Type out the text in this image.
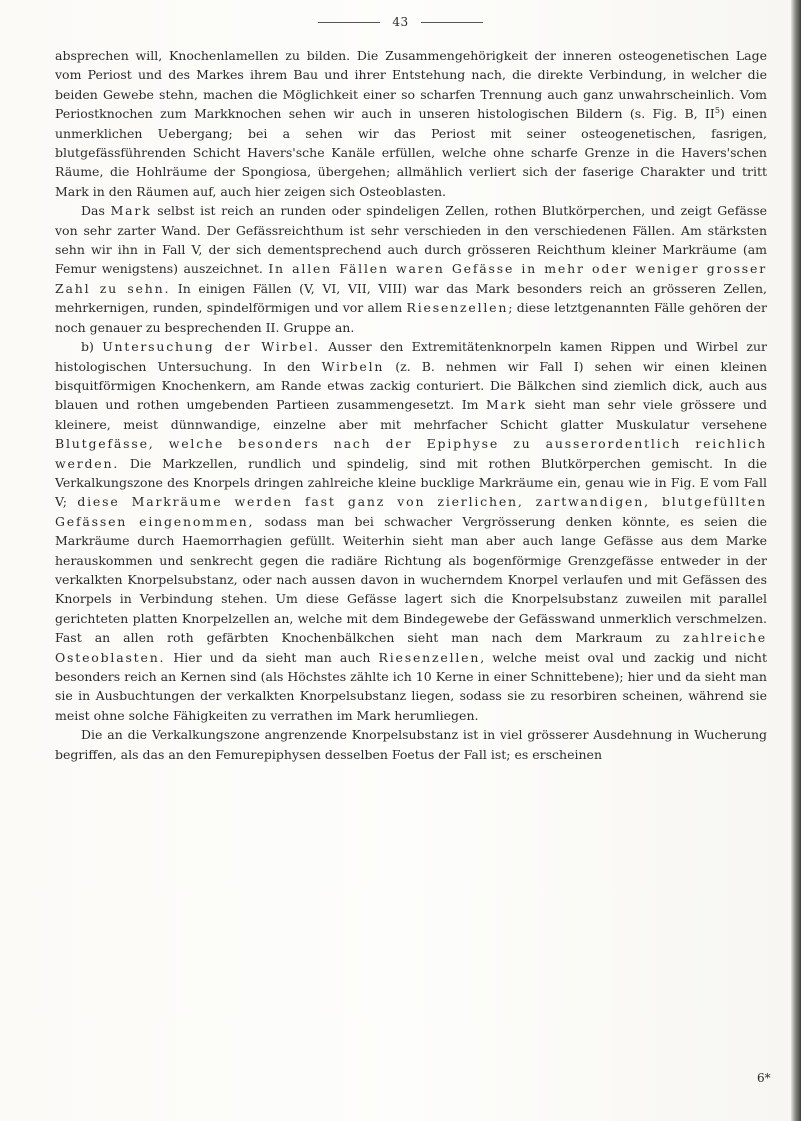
43

absprechen will, Knochenlamellen zu bilden. Die Zusammengehörigkeit der inneren osteogenetischen Lage vom Periost und des Markes ihrem Bau und ihrer Entstehung nach, die direkte Verbindung, in welcher die beiden Gewebe stehn, machen die Möglichkeit einer so scharfen Trennung auch ganz unwahrscheinlich. Vom Periostknochen zum Markknochen sehen wir auch in unseren histologischen Bildern (s. Fig. B, $II^5$) einen unmerklichen Uebergang; bei a sehen wir das Periost mit seiner osteogenetischen, fasrigen, blutgefässführenden Schicht Havers'sche Kanäle erfüllen, welche ohne scharfe Grenze in die Havers'schen Räume, die Hohlräume der Spongiosa, übergehen; allmählich verliert sich der faserige Charakter und tritt Mark in den Räumen auf, auch hier zeigen sich Osteoblasten.

Das Mark selbst ist reich an runden oder spindeligen Zellen, rothen Blutkörperchen, und zeigt Gefässe von sehr zarter Wand. Der Gefässreichthum ist sehr verschieden in den verschiedenen Fällen. Am stärksten sehn wir ihn in Fall V, der sich dementsprechend auch durch grösseren Reichthum kleiner Markräume (am Femur wenigstens) auszeichnet. In allen Fällen waren Gefässe in mehr oder weniger grosser Zahl zu sehn. In einigen Fällen (V, VI, VII, VIII) war das Mark besonders reich an grösseren Zellen, mehrkernigen, runden, spindelförmigen und vor allem Riesenzellen; diese letztgenannten Fälle gehören der noch genauer zu besprechenden II. Gruppe an.

b) Untersuchung der Wirbel. Ausser den Extremitätenknorpeln kamen Rippen und Wirbel zur histologischen Untersuchung. In den Wirbeln (z. B. nehmen wir Fall I) sehen wir einen kleinen bisquitförmigen Knochenkern, am Rande etwas zackig conturiert. Die Bälkchen sind ziemlich dick, auch aus blauen und rothen umgebenden Partieen zusammengesetzt. Im Mark sieht man sehr viele grössere und kleinere, meist dünnwandige, einzelne aber mit mehrfacher Schicht glatter Muskulatur versehene Blutgefässe, welche besonders nach der Epiphyse zu ausserordentlich reichlich werden. Die Markzellen, rundlich und spindelig, sind mit rothen Blutkörperchen gemischt. In die Verkalkungszone des Knorpels dringen zahlreiche kleine bucklige Markräume ein, genau wie in Fig. E vom Fall V; diese Markräume werden fast ganz von zierlichen, zartwandigen, blutgefüllten Gefässen eingenommen, sodass man bei schwacher Vergrösserung denken könnte, es seien die Markräume durch Haemorrhagien gefüllt. Weiterhin sieht man aber auch lange Gefässe aus dem Marke herauskommen und senkrecht gegen die radiäre Richtung als bogenförmige Grenzgefässe entweder in der verkalkten Knorpelsubstanz, oder nach aussen davon in wucherndem Knorpel verlaufen und mit Gefässen des Knorpels in Verbindung stehen. Um diese Gefässe lagert sich die Knorpelsubstanz zuweilen mit parallel gerichteten platten Knorpelzellen an, welche mit dem Bindegewebe der Gefässwand unmerklich verschmelzen. Fast an allen roth gefärbten Knochenbälkchen sieht man nach dem Markraum zu zahlreiche Osteoblasten. Hier und da sieht man auch Riesenzellen, welche meist oval und zackig und nicht besonders reich an Kernen sind (als Höchstes zählte ich 10 Kerne in einer Schnittebene); hier und da sieht man sie in Ausbuchtungen der verkalkten Knorpelsubstanz liegen, sodass sie zu resorbiren scheinen, während sie meist ohne solche Fähigkeiten zu verrathen im Mark herumliegen.

Die an die Verkalkungszone angrenzende Knorpelsubstanz ist in viel grösserer Ausdehnung in Wucherung begriffen, als das an den Femurepiphysen desselben Foetus der Fall ist; es erscheinen

6*
